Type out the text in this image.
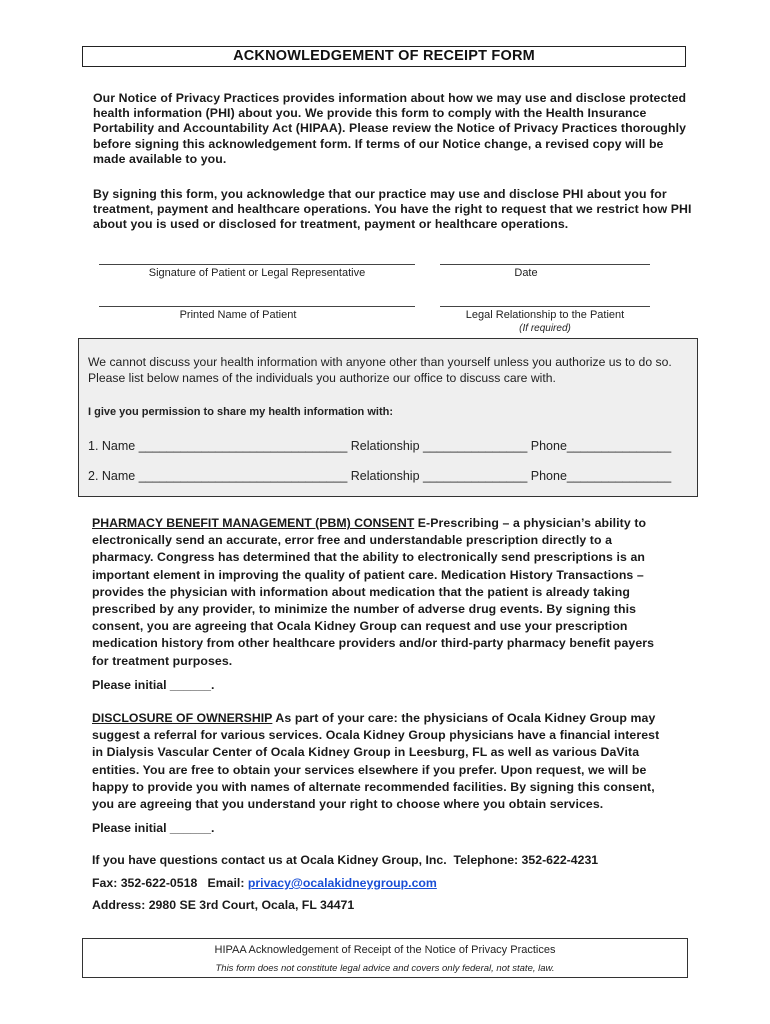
ACKNOWLEDGEMENT OF RECEIPT FORM
Our Notice of Privacy Practices provides information about how we may use and disclose protected health information (PHI) about you. We provide this form to comply with the Health Insurance Portability and Accountability Act (HIPAA). Please review the Notice of Privacy Practices thoroughly before signing this acknowledgement form. If terms of our Notice change, a revised copy will be made available to you.
By signing this form, you acknowledge that our practice may use and disclose PHI about you for treatment, payment and healthcare operations. You have the right to request that we restrict how PHI about you is used or disclosed for treatment, payment or healthcare operations.
Signature of Patient or Legal Representative	Date
Printed Name of Patient	Legal Relationship to the Patient
(If required)
We cannot discuss your health information with anyone other than yourself unless you authorize us to do so. Please list below names of the individuals you authorize our office to discuss care with.
I give you permission to share my health information with:
1. Name ______________________________ Relationship _______________ Phone_______________
2. Name ______________________________ Relationship _______________ Phone_______________
PHARMACY BENEFIT MANAGEMENT (PBM) CONSENT E-Prescribing – a physician’s ability to electronically send an accurate, error free and understandable prescription directly to a pharmacy. Congress has determined that the ability to electronically send prescriptions is an important element in improving the quality of patient care. Medication History Transactions – provides the physician with information about medication that the patient is already taking prescribed by any provider, to minimize the number of adverse drug events. By signing this consent, you are agreeing that Ocala Kidney Group can request and use your prescription medication history from other healthcare providers and/or third-party pharmacy benefit payers for treatment purposes.
Please initial ______.
DISCLOSURE OF OWNERSHIP As part of your care: the physicians of Ocala Kidney Group may suggest a referral for various services. Ocala Kidney Group physicians have a financial interest in Dialysis Vascular Center of Ocala Kidney Group in Leesburg, FL as well as various DaVita entities. You are free to obtain your services elsewhere if you prefer. Upon request, we will be happy to provide you with names of alternate recommended facilities. By signing this consent, you are agreeing that you understand your right to choose where you obtain services.
Please initial ______.
If you have questions contact us at Ocala Kidney Group, Inc.  Telephone: 352-622-4231
Fax: 352-622-0518   Email: privacy@ocalakidneygroup.com
Address: 2980 SE 3rd Court, Ocala, FL 34471
HIPAA Acknowledgement of Receipt of the Notice of Privacy Practices
This form does not constitute legal advice and covers only federal, not state, law.
